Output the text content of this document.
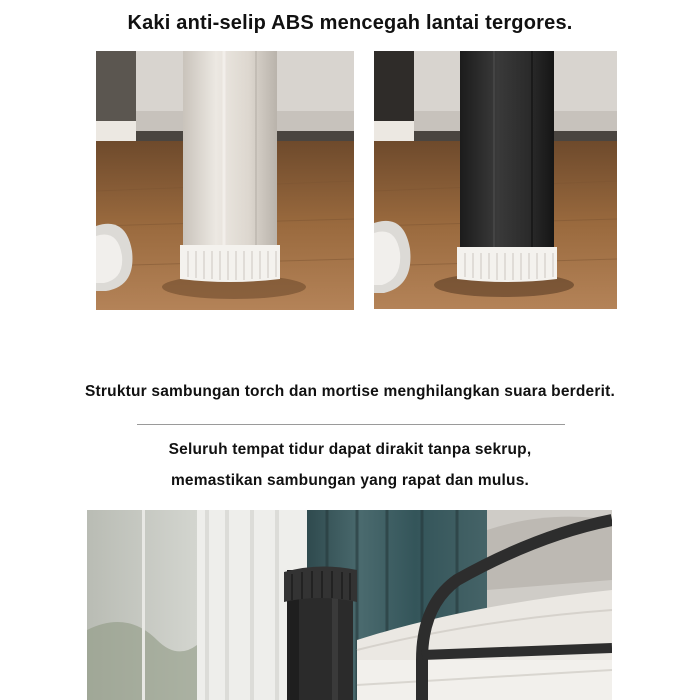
Kaki anti-selip ABS mencegah lantai tergores.
Struktur sambungan torch dan mortise menghilangkan suara berderit.
Seluruh tempat tidur dapat dirakit tanpa sekrup,
memastikan sambungan yang rapat dan mulus.
